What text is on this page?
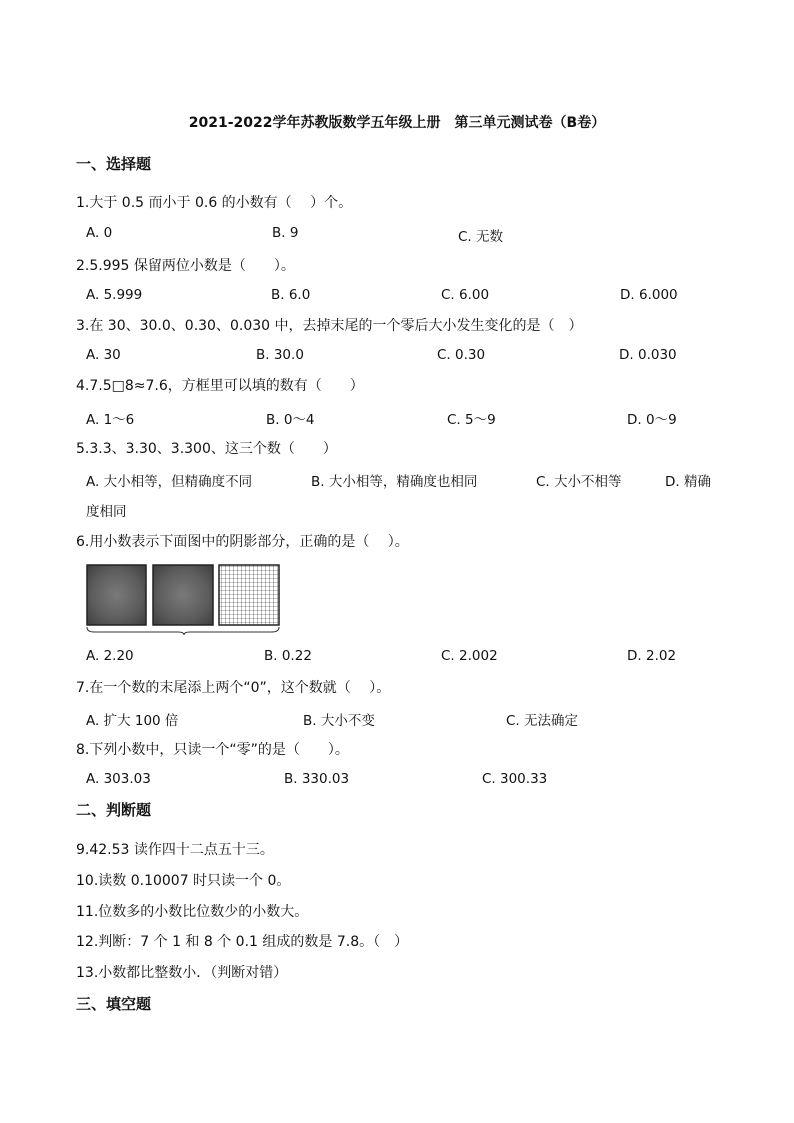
2021-2022学年苏教版数学五年级上册　第三单元测试卷（B卷）
一、选择题
1.大于 0.5 而小于 0.6 的小数有（　 ）个。
A. 0	B. 9	C. 无数
2.5.995 保留两位小数是（　　）。
A. 5.999	B. 6.0	C. 6.00	D. 6.000
3.在 30、30.0、0.30、0.030 中，去掉末尾的一个零后大小发生变化的是（　）
A. 30	B. 30.0	C. 0.30	D. 0.030
4.7.5□8≈7.6，方框里可以填的数有（　　）
A. 1～6	B. 0～4	C. 5～9	D. 0～9
5.3.3、3.30、3.300、这三个数（　　）
A. 大小相等，但精确度不同	B. 大小相等，精确度也相同	C. 大小不相等	D. 精确
度相同
6.用小数表示下面图中的阴影部分，正确的是（　 ）。
A. 2.20	B. 0.22	C. 2.002	D. 2.02
7.在一个数的末尾添上两个“0”，这个数就（　 ）。
A. 扩大 100 倍	B. 大小不变	C. 无法确定
8.下列小数中，只读一个“零”的是（　　）。
A. 303.03	B. 330.03	C. 300.33
二、判断题
9.42.53 读作四十二点五十三。
10.读数 0.10007 时只读一个 0。
11.位数多的小数比位数少的小数大。
12.判断：7 个 1 和 8 个 0.1 组成的数是 7.8。（　）
13.小数都比整数小．（判断对错）
三、填空题
